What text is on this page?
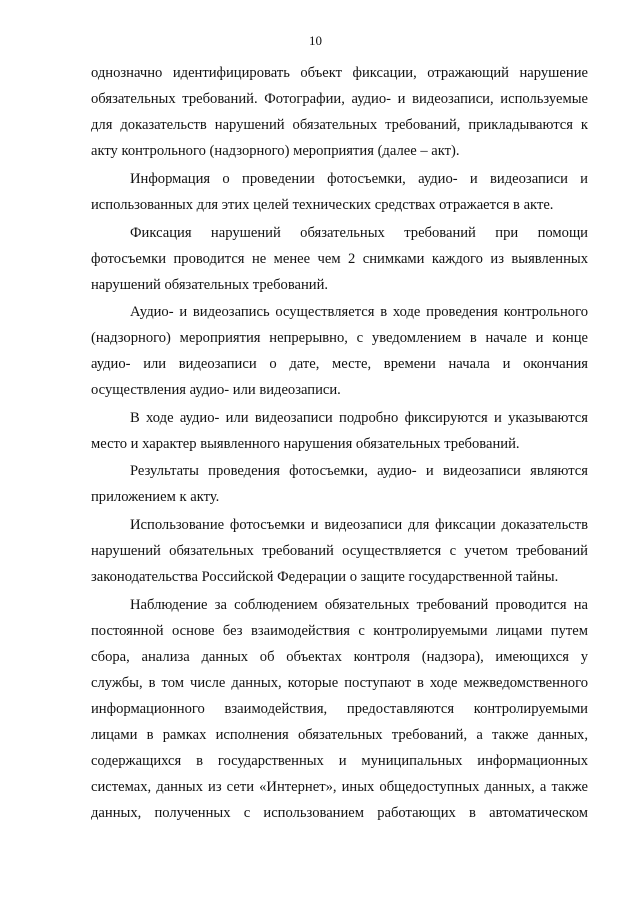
10
однозначно идентифицировать объект фиксации, отражающий нарушение
обязательных требований. Фотографии, аудио- и видеозаписи, используемые
для доказательств нарушений обязательных требований, прикладываются к
акту контрольного (надзорного) мероприятия (далее – акт).
Информация о проведении фотосъемки, аудио- и видеозаписи и
использованных для этих целей технических средствах отражается в акте.
Фиксация нарушений обязательных требований при помощи
фотосъемки проводится не менее чем 2 снимками каждого из выявленных
нарушений обязательных требований.
Аудио- и видеозапись осуществляется в ходе проведения контрольного
(надзорного) мероприятия непрерывно, с уведомлением в начале и конце
аудио- или видеозаписи о дате, месте, времени начала и окончания
осуществления аудио- или видеозаписи.
В ходе аудио- или видеозаписи подробно фиксируются и указываются
место и характер выявленного нарушения обязательных требований.
Результаты проведения фотосъемки, аудио- и видеозаписи являются
приложением к акту.
Использование фотосъемки и видеозаписи для фиксации доказательств
нарушений обязательных требований осуществляется с учетом требований
законодательства Российской Федерации о защите государственной тайны.
Наблюдение за соблюдением обязательных требований проводится на
постоянной основе без взаимодействия с контролируемыми лицами путем
сбора, анализа данных об объектах контроля (надзора), имеющихся у
службы, в том числе данных, которые поступают в ходе межведомственного
информационного взаимодействия, предоставляются контролируемыми
лицами в рамках исполнения обязательных требований, а также данных,
содержащихся в государственных и муниципальных информационных
системах, данных из сети «Интернет», иных общедоступных данных, а также
данных, полученных с использованием работающих в автоматическом
